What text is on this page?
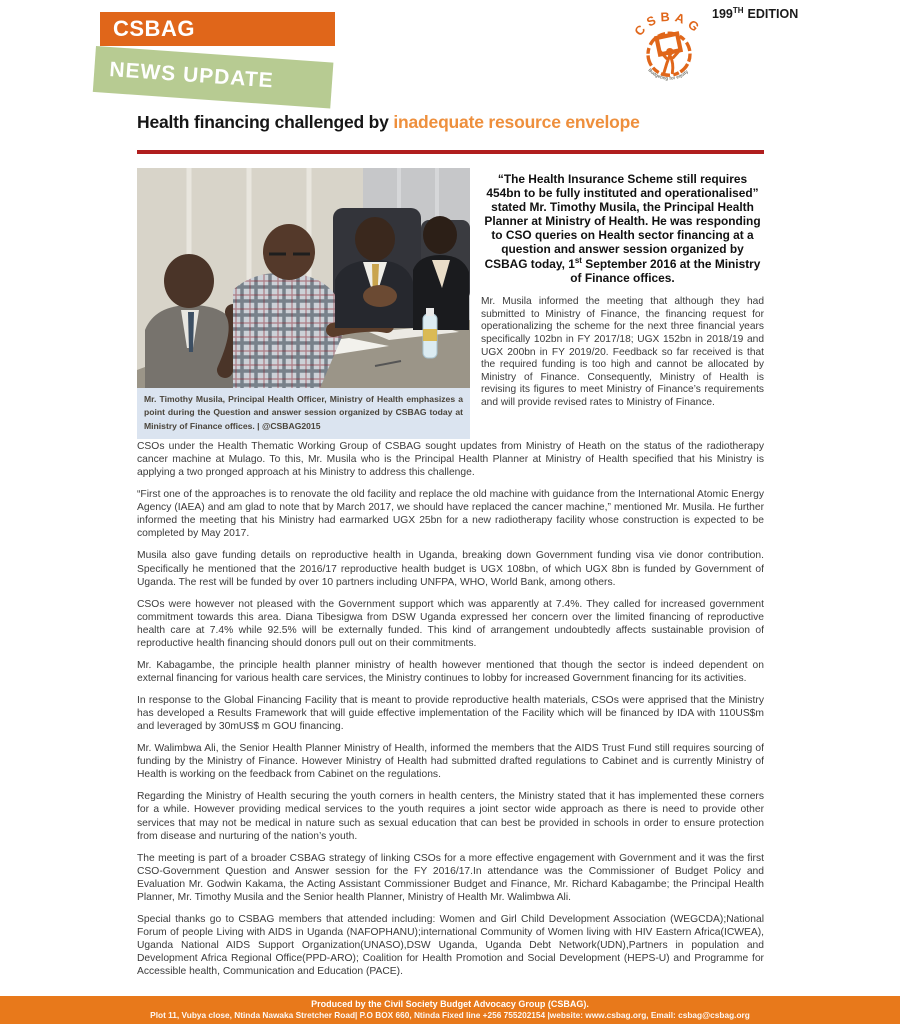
CSBAG
NEWS UPDATE
CSBAG
Budgeting for equity
199TH EDITION
Health financing challenged by inadequate resource envelope
Mr. Timothy Musila, Principal Health Officer, Ministry of Health emphasizes a point during the Question and answer session organized by CSBAG today at Ministry of Finance offices. | @CSBAG2015

“The Health Insurance Scheme still requires 454bn to be fully instituted and operationalised” stated Mr. Timothy Musila, the Principal Health Planner at Ministry of Health. He was responding to CSO queries on Health sector financing at a question and answer session organized by CSBAG today, 1st September 2016 at the Ministry of Finance offices.

Mr. Musila informed the meeting that although they had submitted to Ministry of Finance, the financing request for operationalizing the scheme for the next three financial years specifically 102bn in FY 2017/18; UGX 152bn in 2018/19 and UGX 200bn in FY 2019/20. Feedback so far received is that the required funding is too high and cannot be allocated by Ministry of Finance. Consequently, Ministry of Health is revising its figures to meet Ministry of Finance’s requirements and will provide revised rates to Ministry of Finance.

CSOs under the Health Thematic Working Group of CSBAG sought updates from Ministry of Heath on the status of the radiotherapy cancer machine at Mulago. To this, Mr. Musila who is the Principal Health Planner at Ministry of Health specified that his Ministry is applying a two pronged approach at his Ministry to address this challenge.

“First one of the approaches is to renovate the old facility and replace the old machine with guidance from the International Atomic Energy Agency (IAEA) and am glad to note that by March 2017, we should have replaced the cancer machine,” mentioned Mr. Musila. He further informed the meeting that his Ministry had earmarked UGX 25bn for a new radiotherapy facility whose construction is expected to be completed by May 2017.

Musila also gave funding details on reproductive health in Uganda, breaking down Government funding visa vie donor contribution. Specifically he mentioned that the 2016/17 reproductive health budget is UGX 108bn, of which UGX 8bn is funded by Government of Uganda. The rest will be funded by over 10 partners including UNFPA, WHO, World Bank, among others.

CSOs were however not pleased with the Government support which was apparently at 7.4%. They called for increased government commitment towards this area. Diana Tibesigwa from DSW Uganda expressed her concern over the limited financing of reproductive health care at 7.4% while 92.5% will be externally funded. This kind of arrangement undoubtedly affects sustainable provision of reproductive health financing should donors pull out on their commitments.

Mr. Kabagambe, the principle health planner ministry of health however mentioned that though the sector is indeed dependent on external financing for various health care services, the Ministry continues to lobby for increased Government financing for its activities.

In response to the Global Financing Facility that is meant to provide reproductive health materials, CSOs were apprised that the Ministry has developed a Results Framework that will guide effective implementation of the Facility which will be financed by IDA with 110US$m and leveraged by 30mUS$ m GOU financing.

Mr. Walimbwa Ali, the Senior Health Planner Ministry of Health, informed the members that the AIDS Trust Fund still requires sourcing of funding by the Ministry of Finance. However Ministry of Health had submitted drafted regulations to Cabinet and is currently Ministry of Health is working on the feedback from Cabinet on the regulations.

Regarding the Ministry of Health securing the youth corners in health centers, the Ministry stated that it has implemented these corners for a while. However providing medical services to the youth requires a joint sector wide approach as there is need to provide other services that may not be medical in nature such as sexual education that can best be provided in schools in order to ensure protection from disease and nurturing of the nation’s youth.

The meeting is part of a broader CSBAG strategy of linking CSOs for a more effective engagement with Government and it was the first CSO-Government Question and Answer session for the FY 2016/17.In attendance was the Commissioner of Budget Policy and Evaluation Mr. Godwin Kakama, the Acting Assistant Commissioner Budget and Finance, Mr. Richard Kabagambe; the Principal Health Planner, Mr. Timothy Musila and the Senior health Planner, Ministry of Health Mr. Walimbwa Ali.

Special thanks go to CSBAG members that attended including: Women and Girl Child Development Association (WEGCDA);National Forum of people Living with AIDS in Uganda (NAFOPHANU);international Community of Women living with HIV Eastern Africa(ICWEA), Uganda National AIDS Support Organization(UNASO),DSW Uganda, Uganda Debt Network(UDN),Partners in population and Development Africa Regional Office(PPD-ARO); Coalition for Health Promotion and Social Development (HEPS-U) and Programme for Accessible health, Communication and Education (PACE).

Produced by the Civil Society Budget Advocacy Group (CSBAG).
Plot 11, Vubya close, Ntinda Nawaka Stretcher Road| P.O BOX 660, Ntinda Fixed line +256 755202154 |website: www.csbag.org, Email: csbag@csbag.org
